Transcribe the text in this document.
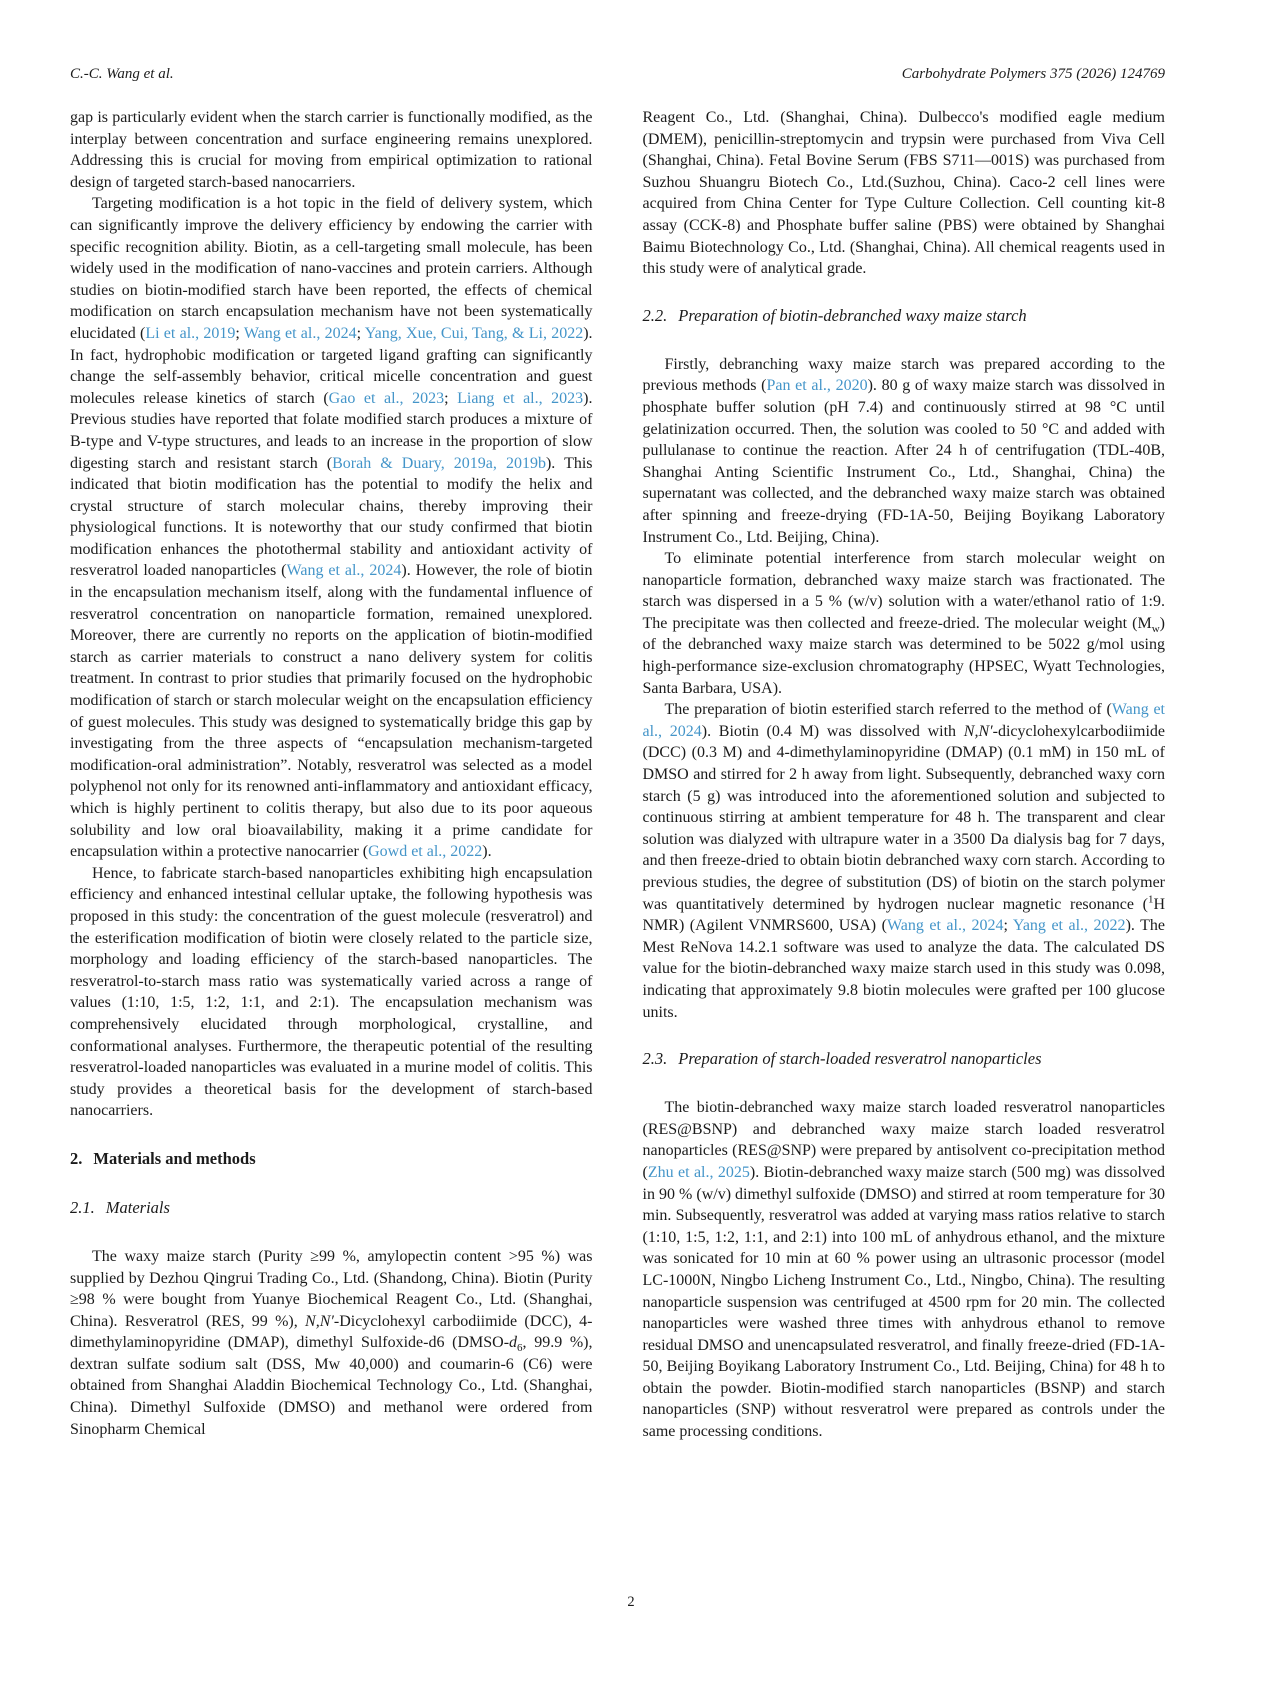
C.-C. Wang et al.	Carbohydrate Polymers 375 (2026) 124769

gap is particularly evident when the starch carrier is functionally modified, as the interplay between concentration and surface engineering remains unexplored. Addressing this is crucial for moving from empirical optimization to rational design of targeted starch-based nanocarriers.

Targeting modification is a hot topic in the field of delivery system, which can significantly improve the delivery efficiency by endowing the carrier with specific recognition ability. Biotin, as a cell-targeting small molecule, has been widely used in the modification of nano-vaccines and protein carriers. Although studies on biotin-modified starch have been reported, the effects of chemical modification on starch encapsulation mechanism have not been systematically elucidated (Li et al., 2019; Wang et al., 2024; Yang, Xue, Cui, Tang, & Li, 2022). In fact, hydrophobic modification or targeted ligand grafting can significantly change the self-assembly behavior, critical micelle concentration and guest molecules release kinetics of starch (Gao et al., 2023; Liang et al., 2023). Previous studies have reported that folate modified starch produces a mixture of B-type and V-type structures, and leads to an increase in the proportion of slow digesting starch and resistant starch (Borah & Duary, 2019a, 2019b). This indicated that biotin modification has the potential to modify the helix and crystal structure of starch molecular chains, thereby improving their physiological functions. It is noteworthy that our study confirmed that biotin modification enhances the photothermal stability and antioxidant activity of resveratrol loaded nanoparticles (Wang et al., 2024). However, the role of biotin in the encapsulation mechanism itself, along with the fundamental influence of resveratrol concentration on nanoparticle formation, remained unexplored. Moreover, there are currently no reports on the application of biotin-modified starch as carrier materials to construct a nano delivery system for colitis treatment. In contrast to prior studies that primarily focused on the hydrophobic modification of starch or starch molecular weight on the encapsulation efficiency of guest molecules. This study was designed to systematically bridge this gap by investigating from the three aspects of “encapsulation mechanism-targeted modification-oral administration”. Notably, resveratrol was selected as a model polyphenol not only for its renowned anti-inflammatory and antioxidant efficacy, which is highly pertinent to colitis therapy, but also due to its poor aqueous solubility and low oral bioavailability, making it a prime candidate for encapsulation within a protective nanocarrier (Gowd et al., 2022).

Hence, to fabricate starch-based nanoparticles exhibiting high encapsulation efficiency and enhanced intestinal cellular uptake, the following hypothesis was proposed in this study: the concentration of the guest molecule (resveratrol) and the esterification modification of biotin were closely related to the particle size, morphology and loading efficiency of the starch-based nanoparticles. The resveratrol-to-starch mass ratio was systematically varied across a range of values (1:10, 1:5, 1:2, 1:1, and 2:1). The encapsulation mechanism was comprehensively elucidated through morphological, crystalline, and conformational analyses. Furthermore, the therapeutic potential of the resulting resveratrol-loaded nanoparticles was evaluated in a murine model of colitis. This study provides a theoretical basis for the development of starch-based nanocarriers.

2. Materials and methods
2.1. Materials

The waxy maize starch (Purity ≥99 %, amylopectin content >95 %) was supplied by Dezhou Qingrui Trading Co., Ltd. (Shandong, China). Biotin (Purity ≥98 % were bought from Yuanye Biochemical Reagent Co., Ltd. (Shanghai, China). Resveratrol (RES, 99 %), N,N′-Dicyclohexyl carbodiimide (DCC), 4-dimethylaminopyridine (DMAP), dimethyl Sulfoxide-d6 ($DMSO-d_6$, 99.9 %), dextran sulfate sodium salt (DSS, Mw 40,000) and coumarin-6 (C6) were obtained from Shanghai Aladdin Biochemical Technology Co., Ltd. (Shanghai, China). Dimethyl Sulfoxide (DMSO) and methanol were ordered from Sinopharm Chemical

Reagent Co., Ltd. (Shanghai, China). Dulbecco's modified eagle medium (DMEM), penicillin-streptomycin and trypsin were purchased from Viva Cell (Shanghai, China). Fetal Bovine Serum (FBS S711—001S) was purchased from Suzhou Shuangru Biotech Co., Ltd.(Suzhou, China). Caco-2 cell lines were acquired from China Center for Type Culture Collection. Cell counting kit-8 assay (CCK-8) and Phosphate buffer saline (PBS) were obtained by Shanghai Baimu Biotechnology Co., Ltd. (Shanghai, China). All chemical reagents used in this study were of analytical grade.

2.2. Preparation of biotin-debranched waxy maize starch

Firstly, debranching waxy maize starch was prepared according to the previous methods (Pan et al., 2020). 80 g of waxy maize starch was dissolved in phosphate buffer solution (pH 7.4) and continuously stirred at 98 °C until gelatinization occurred. Then, the solution was cooled to 50 °C and added with pullulanase to continue the reaction. After 24 h of centrifugation (TDL-40B, Shanghai Anting Scientific Instrument Co., Ltd., Shanghai, China) the supernatant was collected, and the debranched waxy maize starch was obtained after spinning and freeze-drying (FD-1A-50, Beijing Boyikang Laboratory Instrument Co., Ltd. Beijing, China).

To eliminate potential interference from starch molecular weight on nanoparticle formation, debranched waxy maize starch was fractionated. The starch was dispersed in a 5 % (w/v) solution with a water/ethanol ratio of 1:9. The precipitate was then collected and freeze-dried. The molecular weight $(M_w)$ of the debranched waxy maize starch was determined to be 5022 g/mol using high-performance size-exclusion chromatography (HPSEC, Wyatt Technologies, Santa Barbara, USA).

The preparation of biotin esterified starch referred to the method of (Wang et al., 2024). Biotin (0.4 M) was dissolved with N,N′-dicyclohexylcarbodiimide (DCC) (0.3 M) and 4-dimethylaminopyridine (DMAP) (0.1 mM) in 150 mL of DMSO and stirred for 2 h away from light. Subsequently, debranched waxy corn starch (5 g) was introduced into the aforementioned solution and subjected to continuous stirring at ambient temperature for 48 h. The transparent and clear solution was dialyzed with ultrapure water in a 3500 Da dialysis bag for 7 days, and then freeze-dried to obtain biotin debranched waxy corn starch. According to previous studies, the degree of substitution (DS) of biotin on the starch polymer was quantitatively determined by hydrogen nuclear magnetic resonance ($^1$H NMR) (Agilent VNMRS600, USA) (Wang et al., 2024; Yang et al., 2022). The Mest ReNova 14.2.1 software was used to analyze the data. The calculated DS value for the biotin-debranched waxy maize starch used in this study was 0.098, indicating that approximately 9.8 biotin molecules were grafted per 100 glucose units.

2.3. Preparation of starch-loaded resveratrol nanoparticles

The biotin-debranched waxy maize starch loaded resveratrol nanoparticles (RES@BSNP) and debranched waxy maize starch loaded resveratrol nanoparticles (RES@SNP) were prepared by antisolvent co-precipitation method (Zhu et al., 2025). Biotin-debranched waxy maize starch (500 mg) was dissolved in 90 % (w/v) dimethyl sulfoxide (DMSO) and stirred at room temperature for 30 min. Subsequently, resveratrol was added at varying mass ratios relative to starch (1:10, 1:5, 1:2, 1:1, and 2:1) into 100 mL of anhydrous ethanol, and the mixture was sonicated for 10 min at 60 % power using an ultrasonic processor (model LC-1000N, Ningbo Licheng Instrument Co., Ltd., Ningbo, China). The resulting nanoparticle suspension was centrifuged at 4500 rpm for 20 min. The collected nanoparticles were washed three times with anhydrous ethanol to remove residual DMSO and unencapsulated resveratrol, and finally freeze-dried (FD-1A-50, Beijing Boyikang Laboratory Instrument Co., Ltd. Beijing, China) for 48 h to obtain the powder. Biotin-modified starch nanoparticles (BSNP) and starch nanoparticles (SNP) without resveratrol were prepared as controls under the same processing conditions.

2
